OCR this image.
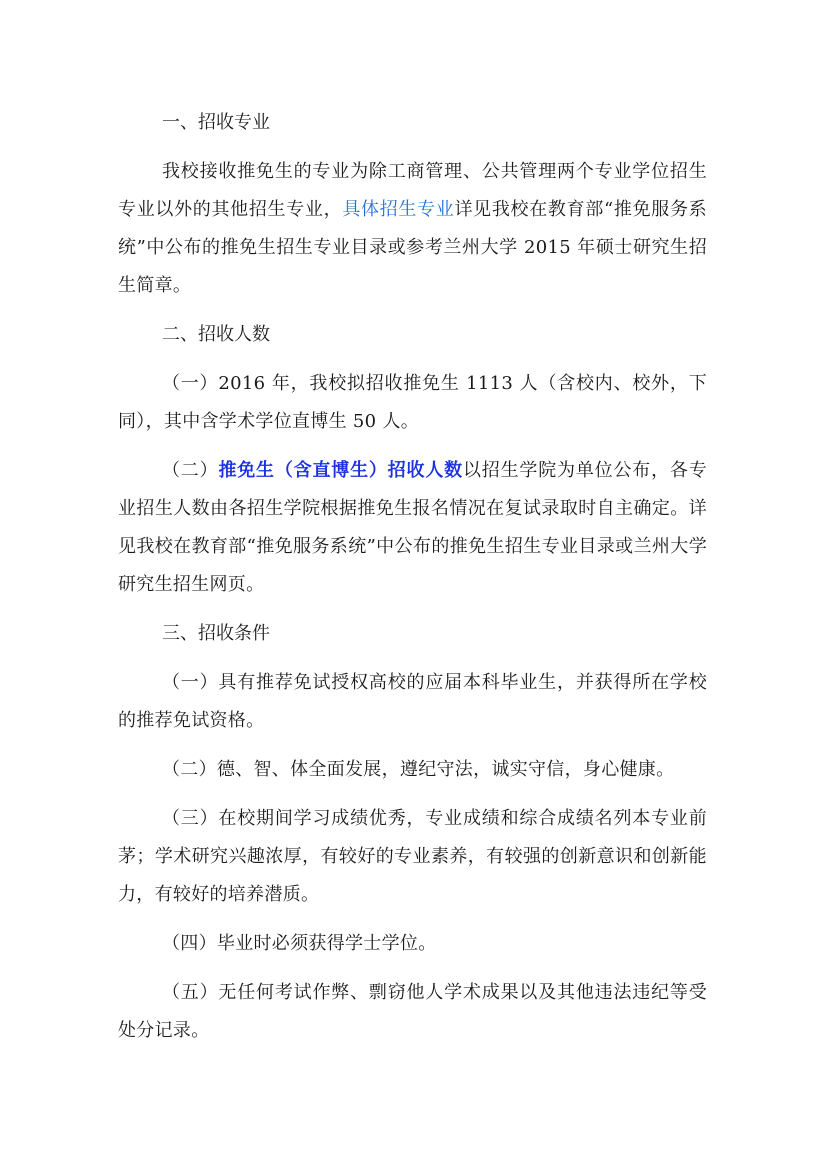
一、招收专业

我校接收推免生的专业为除工商管理、公共管理两个专业学位招生专业以外的其他招生专业，具体招生专业详见我校在教育部“推免服务系统”中公布的推免生招生专业目录或参考兰州大学 2015 年硕士研究生招生简章。

二、招收人数

（一）2016 年，我校拟招收推免生 1113 人（含校内、校外，下同），其中含学术学位直博生 50 人。

（二）推免生（含直博生）招收人数以招生学院为单位公布，各专业招生人数由各招生学院根据推免生报名情况在复试录取时自主确定。详见我校在教育部“推免服务系统”中公布的推免生招生专业目录或兰州大学研究生招生网页。

三、招收条件

（一）具有推荐免试授权高校的应届本科毕业生，并获得所在学校的推荐免试资格。

（二）德、智、体全面发展，遵纪守法，诚实守信，身心健康。

（三）在校期间学习成绩优秀，专业成绩和综合成绩名列本专业前茅；学术研究兴趣浓厚，有较好的专业素养，有较强的创新意识和创新能力，有较好的培养潜质。

（四）毕业时必须获得学士学位。

（五）无任何考试作弊、剽窃他人学术成果以及其他违法违纪等受处分记录。
